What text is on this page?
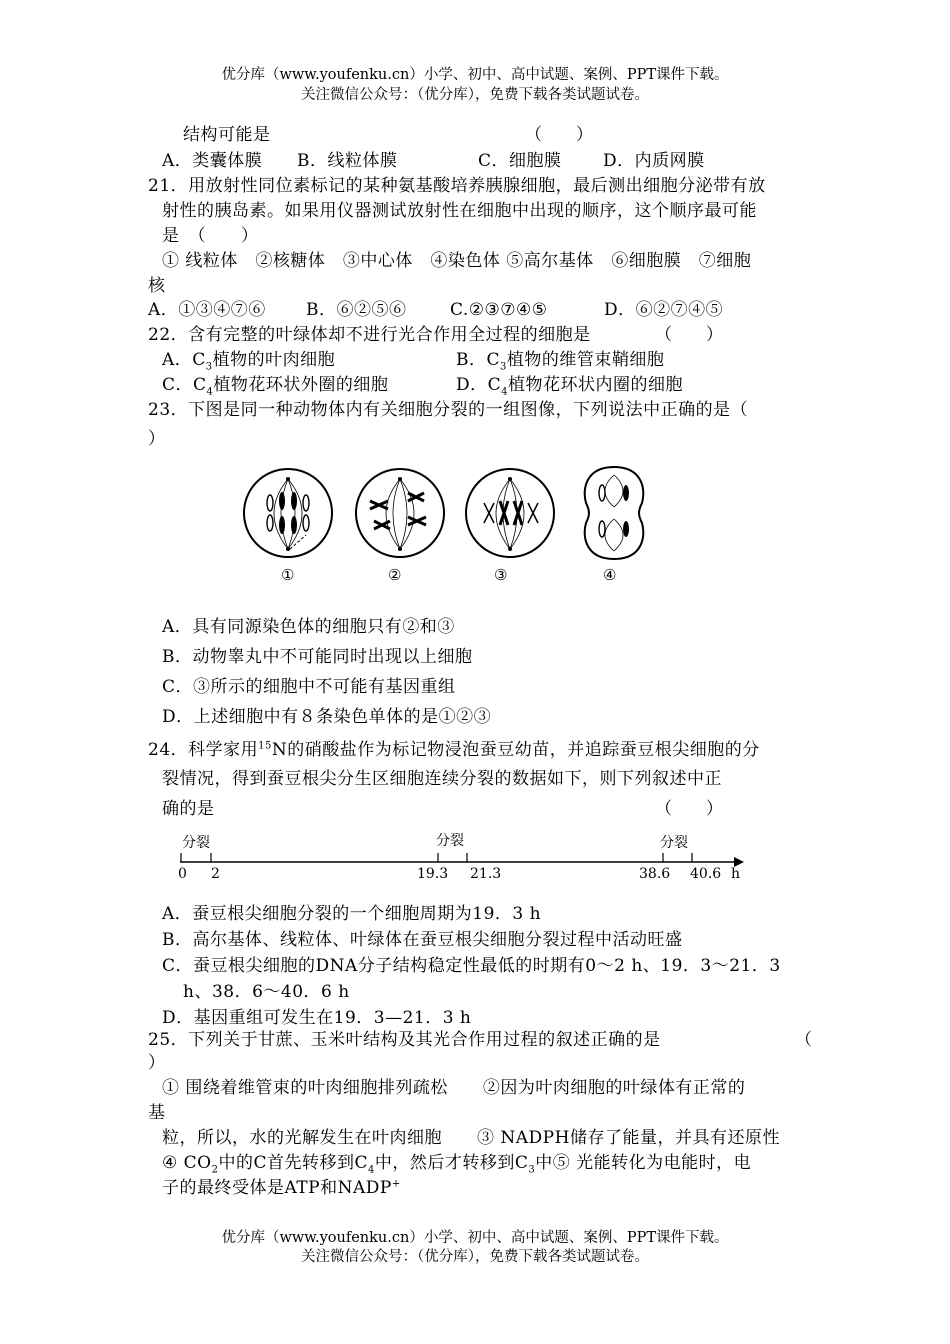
优分库（www.youfenku.cn）小学、初中、高中试题、案例、PPT课件下载。
关注微信公众号：（优分库），免费下载各类试题试卷。
结构可能是	（　　）
A．类囊体膜 B．线粒体膜	C．细胞膜 D．内质网膜
21．用放射性同位素标记的某种氨基酸培养胰腺细胞，最后测出细胞分泌带有放
射性的胰岛素。如果用仪器测试放射性在细胞中出现的顺序，这个顺序最可能
是　（　　）
① 线粒体　②核糖体　③中心体　④染色体 ⑤高尔基体　⑥细胞膜　⑦细胞
核
A．①③④⑦⑥ B．⑥②⑤⑥	C.②③⑦④⑤	D．⑥②⑦④⑤
22．含有完整的叶绿体却不进行光合作用全过程的细胞是	（　　）
A．$C_3$植物的叶肉细胞	B．$C_3$植物的维管束鞘细胞
C．$C_4$植物花环状外圈的细胞	D．$C_4$植物花环状内圈的细胞
23．下图是同一种动物体内有关细胞分裂的一组图像，下列说法中正确的是（
）
①	②	③	④
A．具有同源染色体的细胞只有②和③
B．动物睾丸中不可能同时出现以上细胞
C．③所示的细胞中不可能有基因重组
D．上述细胞中有８条染色单体的是①②③
24．科学家用$^{15}$N的硝酸盐作为标记物浸泡蚕豆幼苗，并追踪蚕豆根尖细胞的分
裂情况，得到蚕豆根尖分生区细胞连续分裂的数据如下，则下列叙述中正
确的是	（　　）
分裂	分裂	分裂
0 2	19.3 21.3	38.6 40.6 h
A．蚕豆根尖细胞分裂的一个细胞周期为19．3 h
B．高尔基体、线粒体、叶绿体在蚕豆根尖细胞分裂过程中活动旺盛
C．蚕豆根尖细胞的DNA分子结构稳定性最低的时期有0～2 h、19．3～21．3
h、38．6～40．6 h
D．基因重组可发生在19．3—21．3 h
25．下列关于甘蔗、玉米叶结构及其光合作用过程的叙述正确的是	（
）
① 围绕着维管束的叶肉细胞排列疏松　　②因为叶肉细胞的叶绿体有正常的
基
粒，所以，水的光解发生在叶肉细胞　　③ NADPH储存了能量，并具有还原性
④ $CO_2$中的C首先转移到$C_4$中，然后才转移到$C_3$中⑤ 光能转化为电能时，电
子的最终受体是ATP和NADP+
优分库（www.youfenku.cn）小学、初中、高中试题、案例、PPT课件下载。
关注微信公众号：（优分库），免费下载各类试题试卷。
